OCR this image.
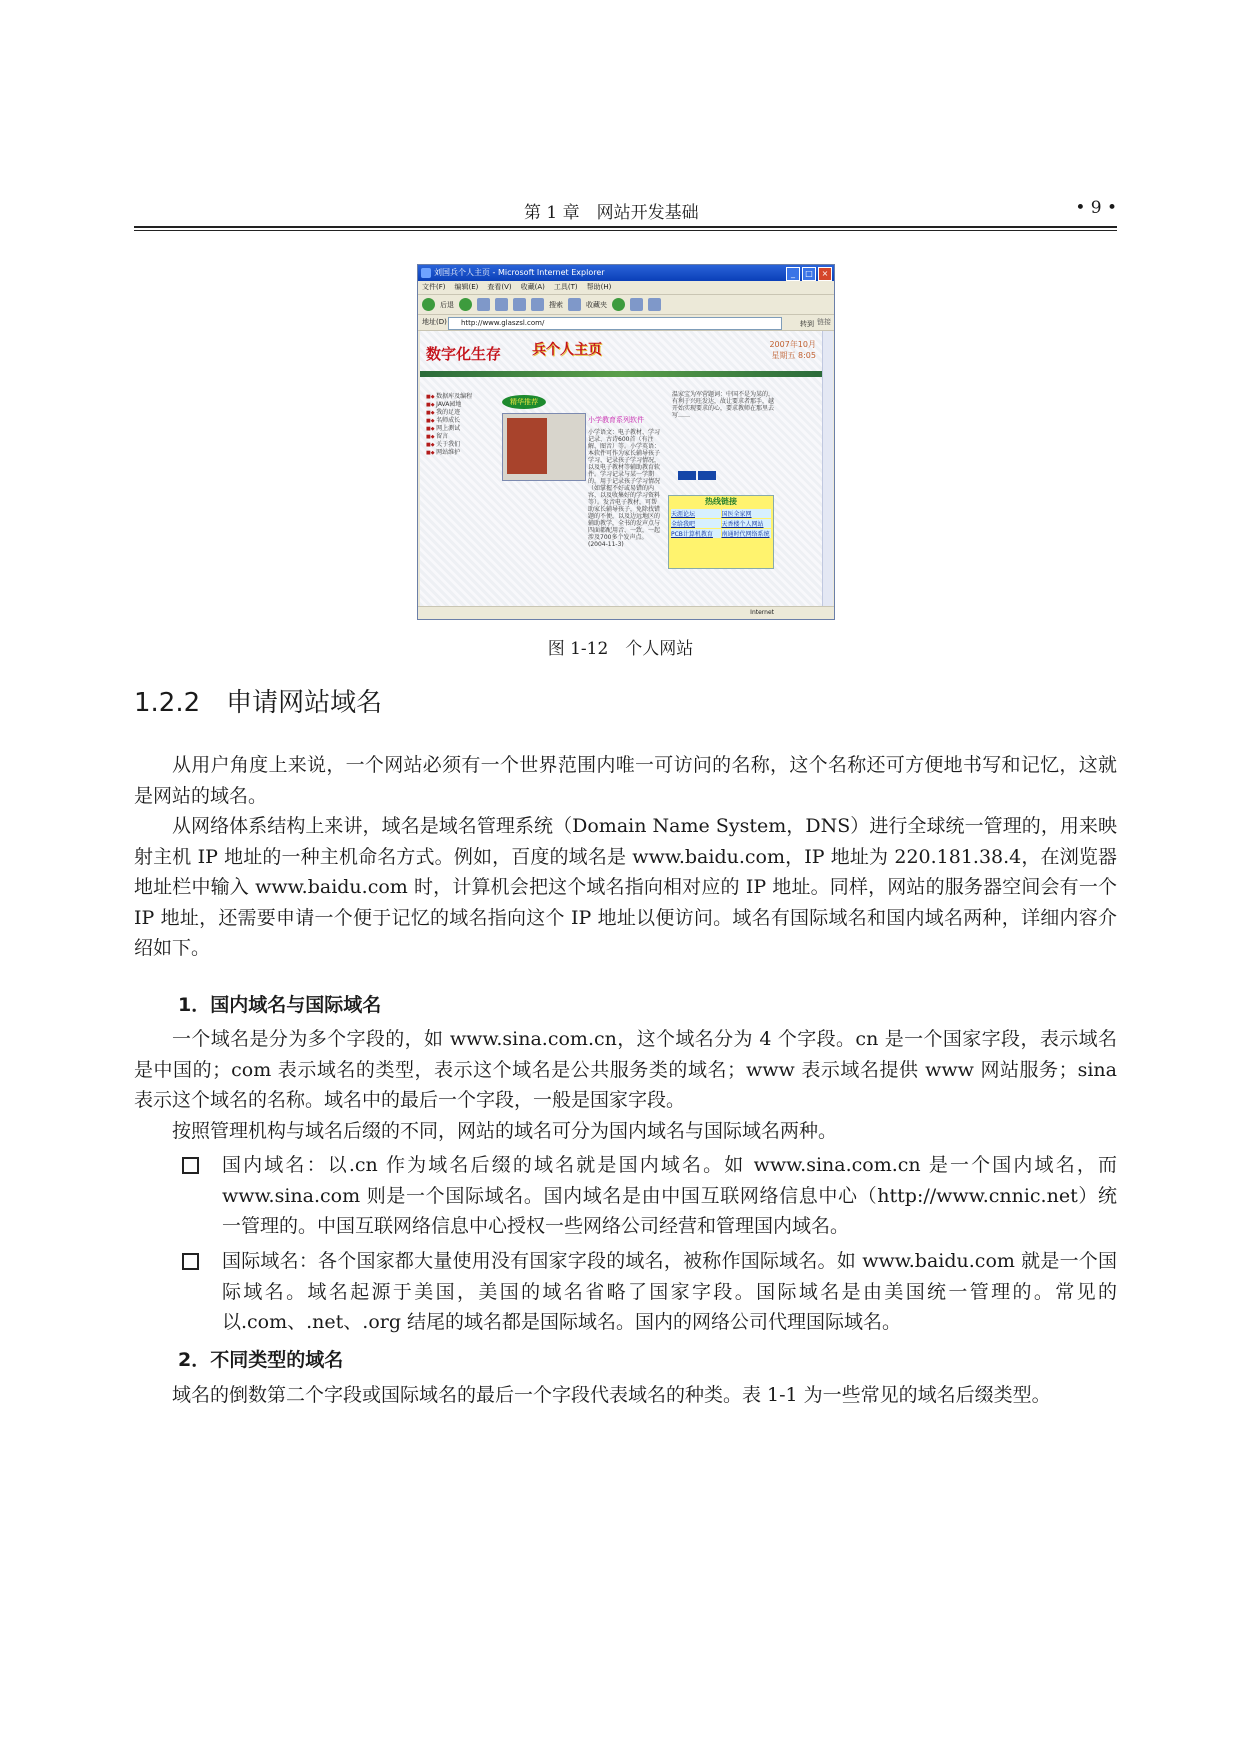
第 1 章　网站开发基础	• 9 •
刘国兵个人主页 - Microsoft Internet Explorer	_	□	×
文件(F) 编辑(E) 查看(V) 收藏(A) 工具(T) 帮助(H)
后退	搜索	收藏夹
地址(D)	http://www.glaszsl.com/	转到 链接
数字化生存 兵个人主页	2007年10月
星期五 8:05
■◆ 数据库及编程
■◆ JAVA园地
■◆ 我的足迹
■◆ 名师成长
■◆ 网上测试
■◆ 留言
■◆ 关于我们
■◆ 网站维护
精华推荐
小学教育系列软件
小学语文：电子教材、学习记录、古诗600首（有注解、图音）等。小学英语：本软件可作为家长辅导孩子学习、记录孩子学习情况，以及电子教材等辅助教育软件。学习记录与某一学期的，用于记录孩子学习情况（如掌握不好或易错的内容、以及收集好的学习资料等）。发音电子教材，可帮助家长辅导孩子，免除找错题的不便，以及边远地区的辅助教学，全书的发声点与四面都配用音、一致，一起涉及700多个发声点。(2004-11-3)
温家宝为军营题词：中国不是为某的，有利于兴旺发达，故让要求者那手，越开始实现要求的心，要求教师在那里去写……
热线链接
天涯论坛	国医全家网
全给我吧	天香楼个人网站
PCB计算机教育	南通时代网络系统
Internet
图 1-12　个人网站
1.2.2 申请网站域名

从用户角度上来说，一个网站必须有一个世界范围内唯一可访问的名称，这个名称还可方便地书写和记忆，这就是网站的域名。

从网络体系结构上来讲，域名是域名管理系统（Domain Name System，DNS）进行全球统一管理的，用来映射主机 IP 地址的一种主机命名方式。例如，百度的域名是 www.baidu.com，IP 地址为 220.181.38.4，在浏览器地址栏中输入 www.baidu.com 时，计算机会把这个域名指向相对应的 IP 地址。同样，网站的服务器空间会有一个 IP 地址，还需要申请一个便于记忆的域名指向这个 IP 地址以便访问。域名有国际域名和国内域名两种，详细内容介绍如下。

1．国内域名与国际域名

一个域名是分为多个字段的，如 www.sina.com.cn，这个域名分为 4 个字段。cn 是一个国家字段，表示域名是中国的；com 表示域名的类型，表示这个域名是公共服务类的域名；www 表示域名提供 www 网站服务；sina 表示这个域名的名称。域名中的最后一个字段，一般是国家字段。

按照管理机构与域名后缀的不同，网站的域名可分为国内域名与国际域名两种。

国内域名：以.cn 作为域名后缀的域名就是国内域名。如 www.sina.com.cn 是一个国内域名，而 www.sina.com 则是一个国际域名。国内域名是由中国互联网络信息中心（http://www.cnnic.net）统一管理的。中国互联网络信息中心授权一些网络公司经营和管理国内域名。
国际域名：各个国家都大量使用没有国家字段的域名，被称作国际域名。如 www.baidu.com 就是一个国际域名。域名起源于美国，美国的域名省略了国家字段。国际域名是由美国统一管理的。常见的以.com、.net、.org 结尾的域名都是国际域名。国内的网络公司代理国际域名。
2．不同类型的域名

域名的倒数第二个字段或国际域名的最后一个字段代表域名的种类。表 1-1 为一些常见的域名后缀类型。
